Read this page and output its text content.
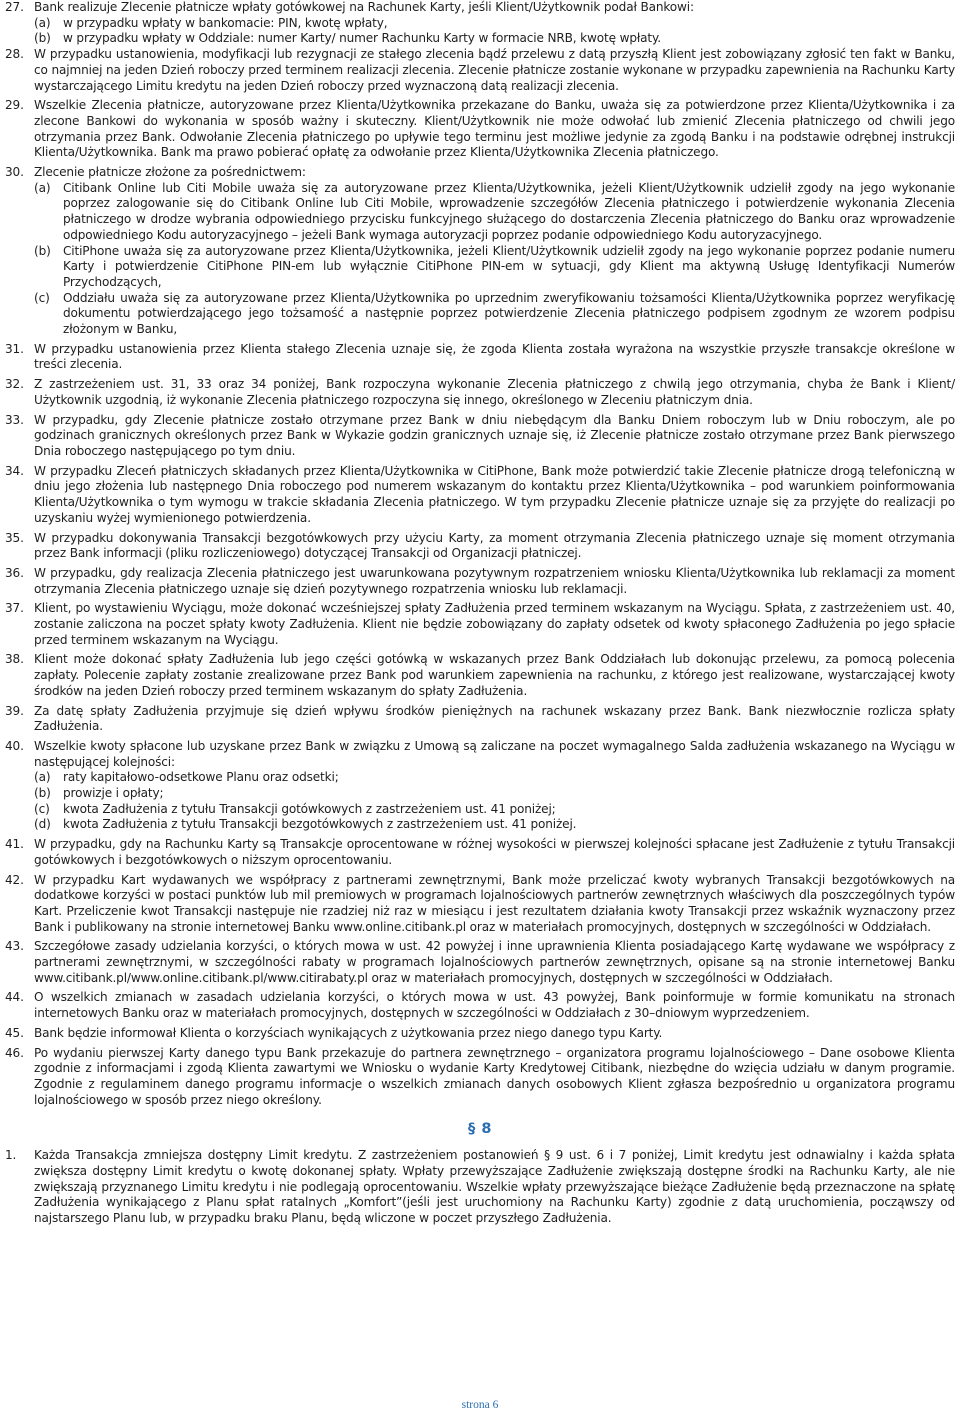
27. Bank realizuje Zlecenie płatnicze wpłaty gotówkowej na Rachunek Karty, jeśli Klient/Użytkownik podał Bankowi:
(a)	w przypadku wpłaty w bankomacie: PIN, kwotę wpłaty,
(b)	w przypadku wpłaty w Oddziale: numer Karty/ numer Rachunku Karty w formacie NRB, kwotę wpłaty.
28. W przypadku ustanowienia, modyfikacji lub rezygnacji ze stałego zlecenia bądź przelewu z datą przyszłą Klient jest zobowiązany zgłosić ten fakt w Banku, co najmniej na jeden Dzień roboczy przed terminem realizacji zlecenia. Zlecenie płatnicze zostanie wykonane w przypadku zapewnienia na Rachunku Karty wystarczającego Limitu kredytu na jeden Dzień roboczy przed wyznaczoną datą realizacji zlecenia.
29. Wszelkie Zlecenia płatnicze, autoryzowane przez Klienta/Użytkownika przekazane do Banku, uważa się za potwierdzone przez Klienta/Użytkownika i za zlecone Bankowi do wykonania w sposób ważny i skuteczny. Klient/Użytkownik nie może odwołać lub zmienić Zlecenia płatniczego od chwili jego otrzymania przez Bank. Odwołanie Zlecenia płatniczego po upływie tego terminu jest możliwe jedynie za zgodą Banku i na podstawie odrębnej instrukcji Klienta/Użytkownika. Bank ma prawo pobierać opłatę za odwołanie przez Klienta/Użytkownika Zlecenia płatniczego.
30. Zlecenie płatnicze złożone za pośrednictwem:
(a)	Citibank Online lub Citi Mobile uważa się za autoryzowane przez Klienta/Użytkownika, jeżeli Klient/Użytkownik udzielił zgody na jego wykonanie poprzez zalogowanie się do Citibank Online lub Citi Mobile, wprowadzenie szczegółów Zlecenia płatniczego i potwierdzenie wykonania Zlecenia płatniczego w drodze wybrania odpowiedniego przycisku funkcyjnego służącego do dostarczenia Zlecenia płatniczego do Banku oraz wprowadzenie odpowiedniego Kodu autoryzacyjnego – jeżeli Bank wymaga autoryzacji poprzez podanie odpowiedniego Kodu autoryzacyjnego.
(b)	CitiPhone uważa się za autoryzowane przez Klienta/Użytkownika, jeżeli Klient/Użytkownik udzielił zgody na jego wykonanie poprzez podanie numeru Karty i potwierdzenie CitiPhone PIN-em lub wyłącznie CitiPhone PIN-em w sytuacji, gdy Klient ma aktywną Usługę Identyfikacji Numerów Przychodzących,
(c)	Oddziału uważa się za autoryzowane przez Klienta/Użytkownika po uprzednim zweryfikowaniu tożsamości Klienta/Użytkownika poprzez weryfikację dokumentu potwierdzającego jego tożsamość a następnie poprzez potwierdzenie Zlecenia płatniczego podpisem zgodnym ze wzorem podpisu złożonym w Banku,
31. W przypadku ustanowienia przez Klienta stałego Zlecenia uznaje się, że zgoda Klienta została wyrażona na wszystkie przyszłe transakcje określone w treści zlecenia.
32. Z zastrzeżeniem ust. 31, 33 oraz 34 poniżej, Bank rozpoczyna wykonanie Zlecenia płatniczego z chwilą jego otrzymania, chyba że Bank i Klient/ Użytkownik uzgodnią, iż wykonanie Zlecenia płatniczego rozpoczyna się innego, określonego w Zleceniu płatniczym dnia.
33. W przypadku, gdy Zlecenie płatnicze zostało otrzymane przez Bank w dniu niebędącym dla Banku Dniem roboczym lub w Dniu roboczym, ale po godzinach granicznych określonych przez Bank w Wykazie godzin granicznych uznaje się, iż Zlecenie płatnicze zostało otrzymane przez Bank pierwszego Dnia roboczego następującego po tym dniu.
34. W przypadku Zleceń płatniczych składanych przez Klienta/Użytkownika w CitiPhone, Bank może potwierdzić takie Zlecenie płatnicze drogą telefoniczną w dniu jego złożenia lub następnego Dnia roboczego pod numerem wskazanym do kontaktu przez Klienta/Użytkownika – pod warunkiem poinformowania Klienta/Użytkownika o tym wymogu w trakcie składania Zlecenia płatniczego. W tym przypadku Zlecenie płatnicze uznaje się za przyjęte do realizacji po uzyskaniu wyżej wymienionego potwierdzenia.
35. W przypadku dokonywania Transakcji bezgotówkowych przy użyciu Karty, za moment otrzymania Zlecenia płatniczego uznaje się moment otrzymania przez Bank informacji (pliku rozliczeniowego) dotyczącej Transakcji od Organizacji płatniczej.
36. W przypadku, gdy realizacja Zlecenia płatniczego jest uwarunkowana pozytywnym rozpatrzeniem wniosku Klienta/Użytkownika lub reklamacji za moment otrzymania Zlecenia płatniczego uznaje się dzień pozytywnego rozpatrzenia wniosku lub reklamacji.
37. Klient, po wystawieniu Wyciągu, może dokonać wcześniejszej spłaty Zadłużenia przed terminem wskazanym na Wyciągu. Spłata, z zastrzeżeniem ust. 40, zostanie zaliczona na poczet spłaty kwoty Zadłużenia. Klient nie będzie zobowiązany do zapłaty odsetek od kwoty spłaconego Zadłużenia po jego spłacie przed terminem wskazanym na Wyciągu.
38. Klient może dokonać spłaty Zadłużenia lub jego części gotówką w wskazanych przez Bank Oddziałach lub dokonując przelewu, za pomocą polecenia zapłaty. Polecenie zapłaty zostanie zrealizowane przez Bank pod warunkiem zapewnienia na rachunku, z którego jest realizowane, wystarczającej kwoty środków na jeden Dzień roboczy przed terminem wskazanym do spłaty Zadłużenia.
39. Za datę spłaty Zadłużenia przyjmuje się dzień wpływu środków pieniężnych na rachunek wskazany przez Bank. Bank niezwłocznie rozlicza spłaty Zadłużenia.
40. Wszelkie kwoty spłacone lub uzyskane przez Bank w związku z Umową są zaliczane na poczet wymagalnego Salda zadłużenia wskazanego na Wyciągu w następującej kolejności:
(a)	raty kapitałowo-odsetkowe Planu oraz odsetki;
(b)	prowizje i opłaty;
(c)	kwota Zadłużenia z tytułu Transakcji gotówkowych z zastrzeżeniem ust. 41 poniżej;
(d)	kwota Zadłużenia z tytułu Transakcji bezgotówkowych z zastrzeżeniem ust. 41 poniżej.
41. W przypadku, gdy na Rachunku Karty są Transakcje oprocentowane w różnej wysokości w pierwszej kolejności spłacane jest Zadłużenie z tytułu Transakcji gotówkowych i bezgotówkowych o niższym oprocentowaniu.
42. W przypadku Kart wydawanych we współpracy z partnerami zewnętrznymi, Bank może przeliczać kwoty wybranych Transakcji bezgotówkowych na dodatkowe korzyści w postaci punktów lub mil premiowych w programach lojalnościowych partnerów zewnętrznych właściwych dla poszczególnych typów Kart. Przeliczenie kwot Transakcji następuje nie rzadziej niż raz w miesiącu i jest rezultatem działania kwoty Transakcji przez wskaźnik wyznaczony przez Bank i publikowany na stronie internetowej Banku www.online.citibank.pl oraz w materiałach promocyjnych, dostępnych w szczególności w Oddziałach.
43. Szczegółowe zasady udzielania korzyści, o których mowa w ust. 42 powyżej i inne uprawnienia Klienta posiadającego Kartę wydawane we współpracy z partnerami zewnętrznymi, w szczególności rabaty w programach lojalnościowych partnerów zewnętrznych, opisane są na stronie internetowej Banku www.citibank.pl/www.online.citibank.pl/www.citirabaty.pl oraz w materiałach promocyjnych, dostępnych w szczególności w Oddziałach.
44. O wszelkich zmianach w zasadach udzielania korzyści, o których mowa w ust. 43 powyżej, Bank poinformuje w formie komunikatu na stronach internetowych Banku oraz w materiałach promocyjnych, dostępnych w szczególności w Oddziałach z 30–dniowym wyprzedzeniem.
45. Bank będzie informował Klienta o korzyściach wynikających z użytkowania przez niego danego typu Karty.
46. Po wydaniu pierwszej Karty danego typu Bank przekazuje do partnera zewnętrznego – organizatora programu lojalnościowego – Dane osobowe Klienta zgodnie z informacjami i zgodą Klienta zawartymi we Wniosku o wydanie Karty Kredytowej Citibank, niezbędne do wzięcia udziału w danym programie. Zgodnie z regulaminem danego programu informacje o wszelkich zmianach danych osobowych Klient zgłasza bezpośrednio u organizatora programu lojalnościowego w sposób przez niego określony.
§ 8
1.	Każda Transakcja zmniejsza dostępny Limit kredytu. Z zastrzeżeniem postanowień § 9 ust. 6 i 7 poniżej, Limit kredytu jest odnawialny i każda spłata zwiększa dostępny Limit kredytu o kwotę dokonanej spłaty. Wpłaty przewyższające Zadłużenie zwiększają dostępne środki na Rachunku Karty, ale nie zwiększają przyznanego Limitu kredytu i nie podlegają oprocentowaniu. Wszelkie wpłaty przewyższające bieżące Zadłużenie będą przeznaczone na spłatę Zadłużenia wynikającego z Planu spłat ratalnych „Komfort”(jeśli jest uruchomiony na Rachunku Karty) zgodnie z datą uruchomienia, począwszy od najstarszego Planu lub, w przypadku braku Planu, będą wliczone w poczet przyszłego Zadłużenia.
strona 6
